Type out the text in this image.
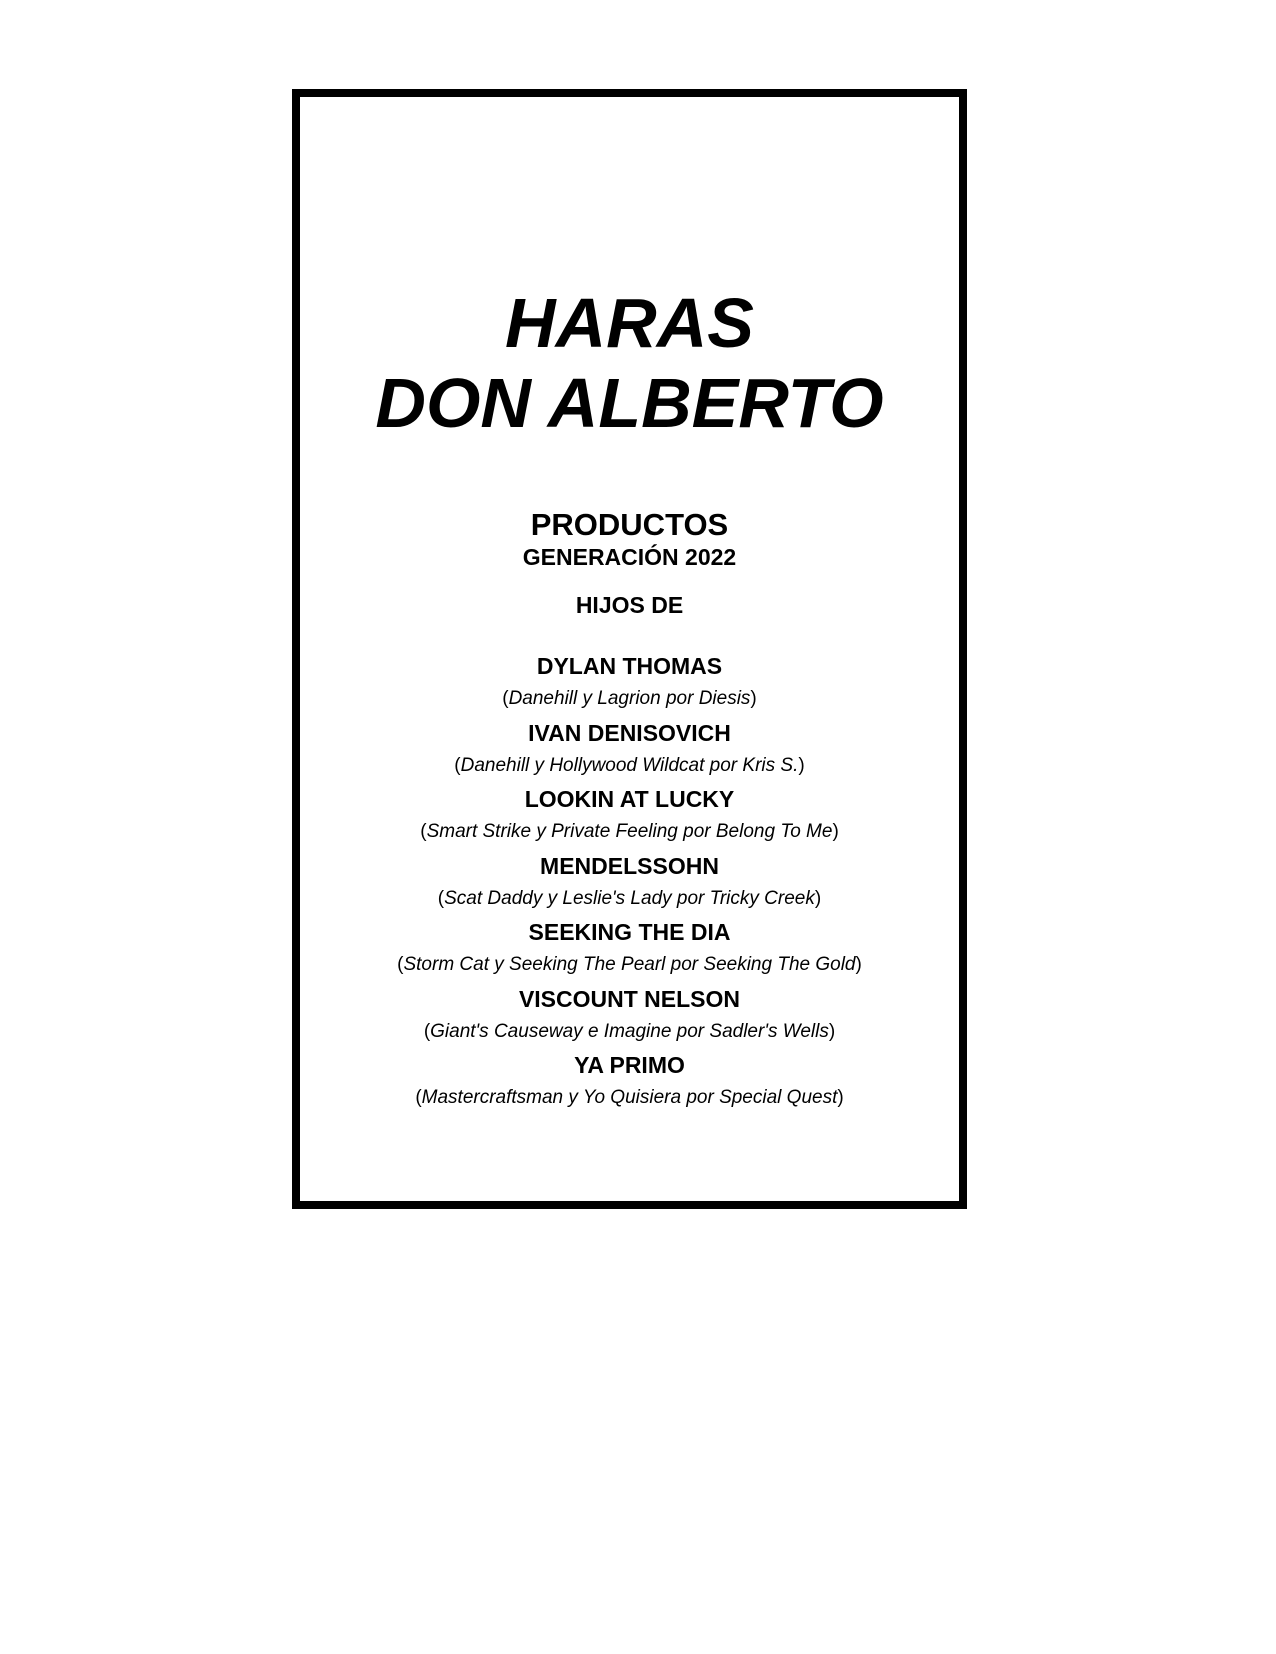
HARAS
DON ALBERTO
PRODUCTOS
GENERACIÓN 2022
HIJOS DE
DYLAN THOMAS
(Danehill y Lagrion por Diesis)
IVAN DENISOVICH
(Danehill y Hollywood Wildcat por Kris S.)
LOOKIN AT LUCKY
(Smart Strike y Private Feeling por Belong To Me)
MENDELSSOHN
(Scat Daddy y Leslie's Lady por Tricky Creek)
SEEKING THE DIA
(Storm Cat y Seeking The Pearl por Seeking The Gold)
VISCOUNT NELSON
(Giant's Causeway e Imagine por Sadler's Wells)
YA PRIMO
(Mastercraftsman y Yo Quisiera por Special Quest)
